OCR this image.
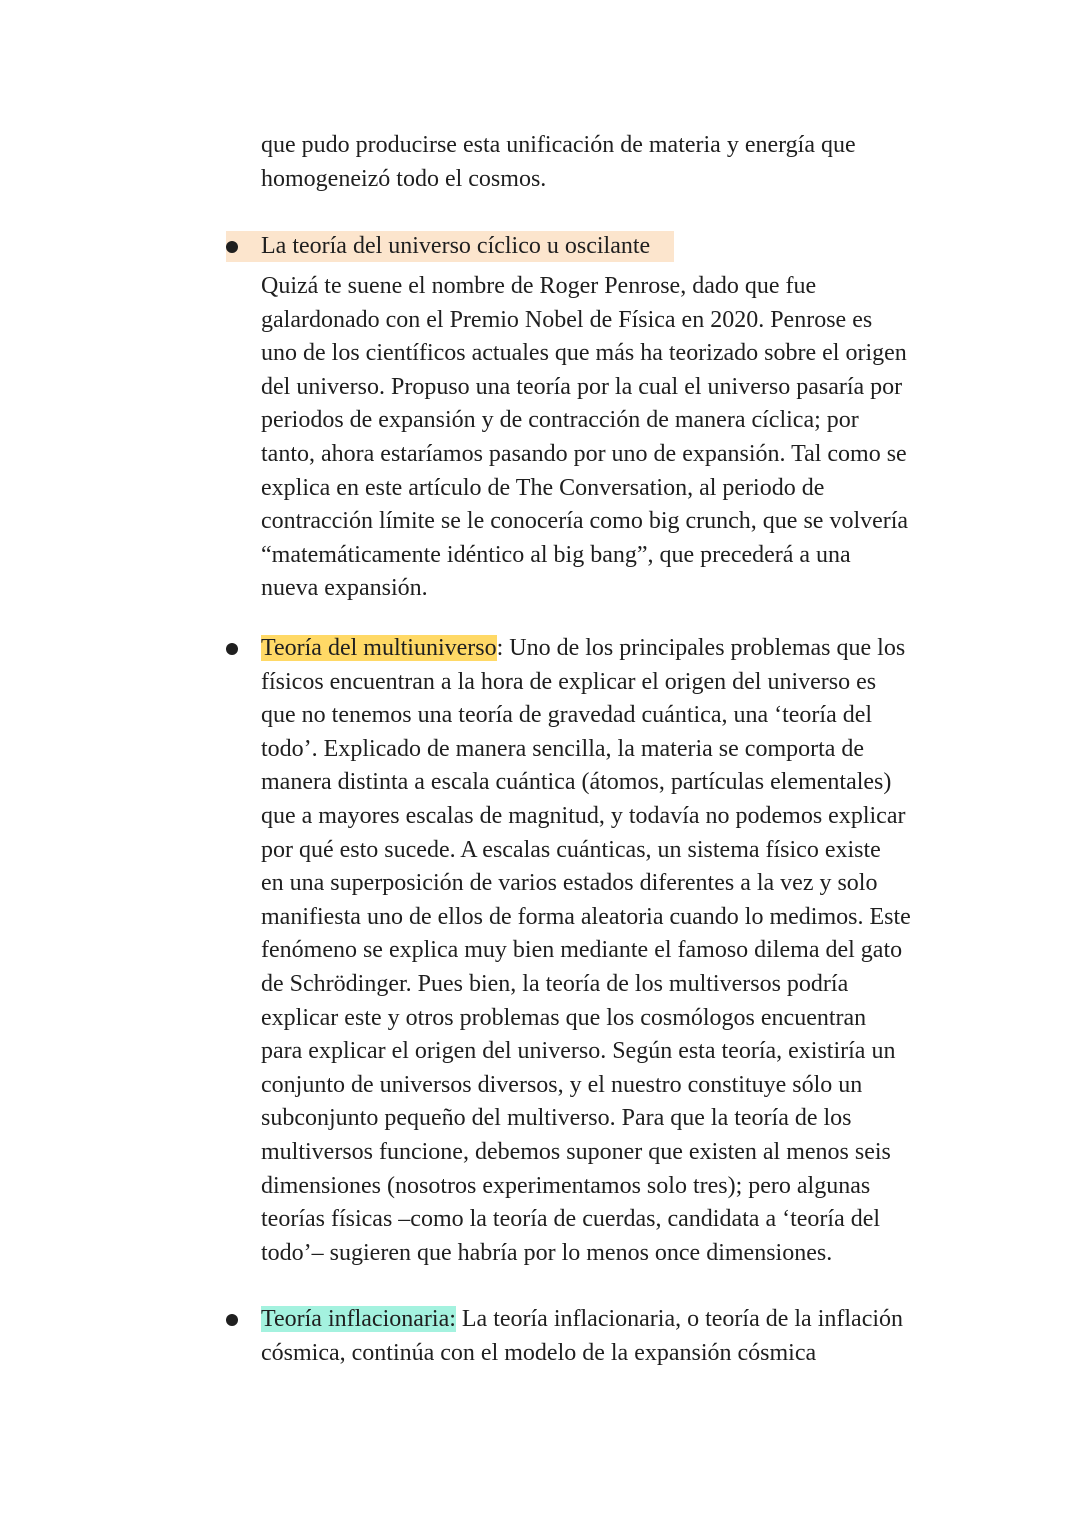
que pudo producirse esta unificación de materia y energía que
homogeneizó todo el cosmos.
La teoría del universo cíclico u oscilante
Quizá te suene el nombre de Roger Penrose, dado que fue
galardonado con el Premio Nobel de Física en 2020. Penrose es
uno de los científicos actuales que más ha teorizado sobre el origen
del universo. Propuso una teoría por la cual el universo pasaría por
periodos de expansión y de contracción de manera cíclica; por
tanto, ahora estaríamos pasando por uno de expansión. Tal como se
explica en este artículo de The Conversation, al periodo de
contracción límite se le conocería como big crunch, que se volvería
“matemáticamente idéntico al big bang”, que precederá a una
nueva expansión.
Teoría del multiuniverso: Uno de los principales problemas que los
físicos encuentran a la hora de explicar el origen del universo es
que no tenemos una teoría de gravedad cuántica, una ‘teoría del
todo’. Explicado de manera sencilla, la materia se comporta de
manera distinta a escala cuántica (átomos, partículas elementales)
que a mayores escalas de magnitud, y todavía no podemos explicar
por qué esto sucede. A escalas cuánticas, un sistema físico existe
en una superposición de varios estados diferentes a la vez y solo
manifiesta uno de ellos de forma aleatoria cuando lo medimos. Este
fenómeno se explica muy bien mediante el famoso dilema del gato
de Schrödinger. Pues bien, la teoría de los multiversos podría
explicar este y otros problemas que los cosmólogos encuentran
para explicar el origen del universo. Según esta teoría, existiría un
conjunto de universos diversos, y el nuestro constituye sólo un
subconjunto pequeño del multiverso. Para que la teoría de los
multiversos funcione, debemos suponer que existen al menos seis
dimensiones (nosotros experimentamos solo tres); pero algunas
teorías físicas –como la teoría de cuerdas, candidata a ‘teoría del
todo’– sugieren que habría por lo menos once dimensiones.
Teoría inflacionaria: La teoría inflacionaria, o teoría de la inflación
cósmica, continúa con el modelo de la expansión cósmica
